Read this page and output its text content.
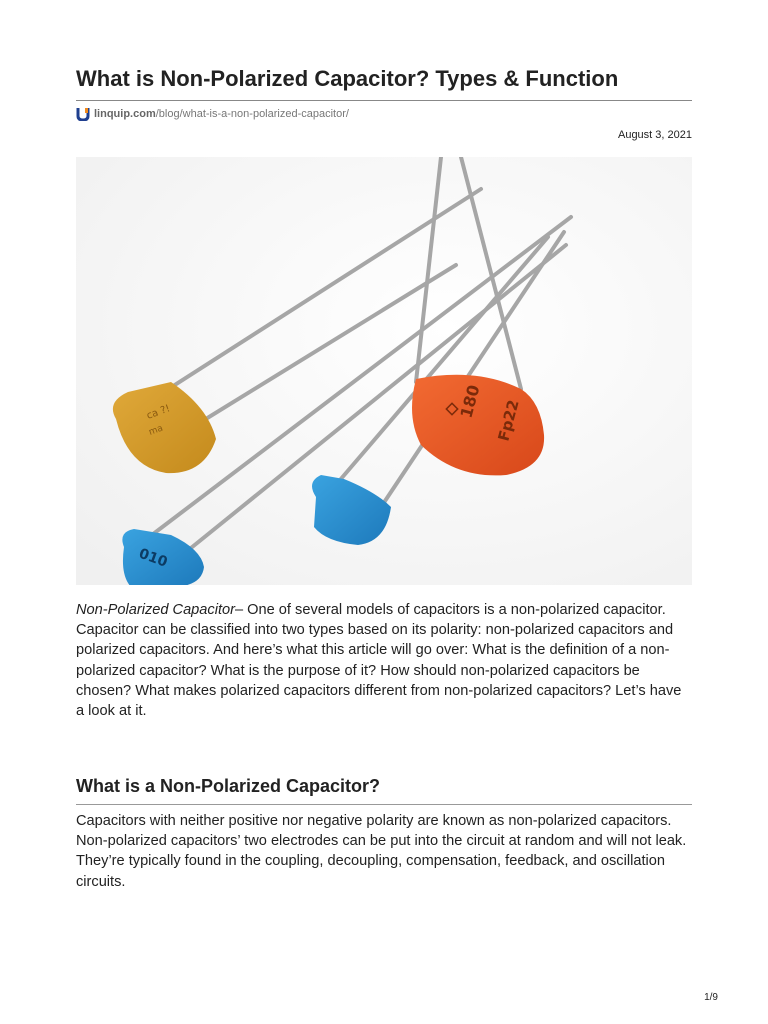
What is Non-Polarized Capacitor? Types & Function
linquip.com /blog/what-is-a-non-polarized-capacitor/
August 3, 2021
ca ?!
ma
180 Fp22
010

Non-Polarized Capacitor– One of several models of capacitors is a non-polarized capacitor. Capacitor can be classified into two types based on its polarity: non-polarized capacitors and polarized capacitors. And here’s what this article will go over: What is the definition of a non-polarized capacitor? What is the purpose of it? How should non-polarized capacitors be chosen? What makes polarized capacitors different from non-polarized capacitors? Let’s have a look at it.

What is a Non-Polarized Capacitor?

Capacitors with neither positive nor negative polarity are known as non-polarized capacitors. Non-polarized capacitors’ two electrodes can be put into the circuit at random and will not leak. They’re typically found in the coupling, decoupling, compensation, feedback, and oscillation circuits.

1/9
